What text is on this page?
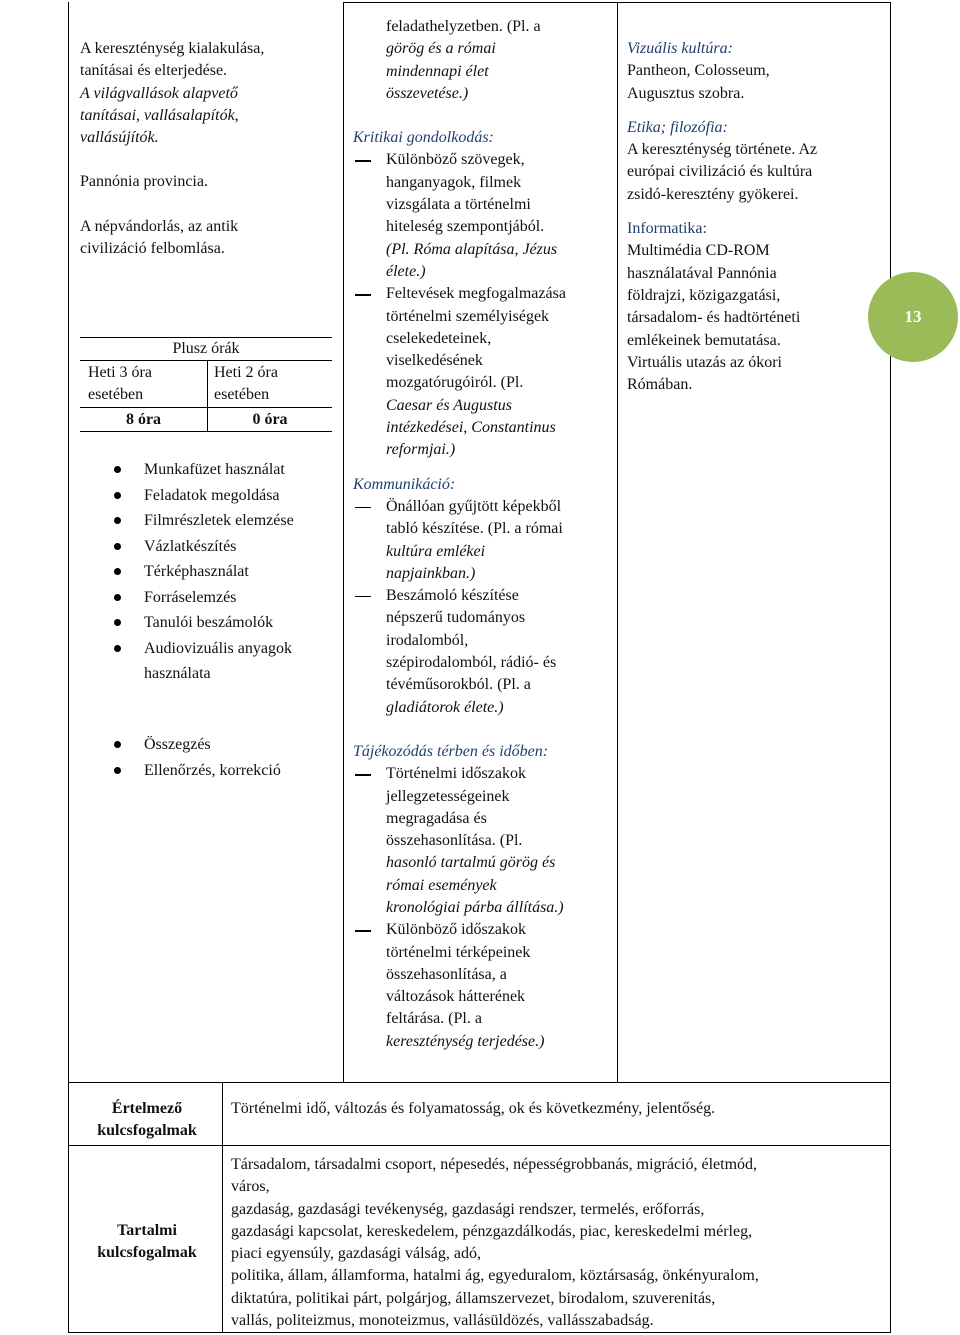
A kereszténység kialakulása,

tanításai és elterjedése.

A világvallások alapvető

tanításai, vallásalapítók,

vallásújítók.

Pannónia provincia.

A népvándorlás, az antik

civilizáció felbomlása.

Plusz órák
Heti 3 óra
esetében
Heti 2 óra
esetében
8 óra	0 óra
Munkafüzet használat
Feladatok megoldása
Filmrészletek elemzése
Vázlatkészítés
Térképhasználat
Forráselemzés
Tanulói beszámolók
Audiovizuális anyagok
használata
Összegzés
Ellenőrzés, korrekció

feladathelyzetben. (Pl. a

görög és a római

mindennapi élet

összevetése.)

Kritikai gondolkodás:

Különböző szövegek,
hanganyagok, filmek
vizsgálata a történelmi
hiteleség szempontjából.
(Pl. Róma alapítása, Jézus
élete.)
Feltevések megfogalmazása
történelmi személyiségek
cselekedeteinek,
viselkedésének
mozgatórugóiról. (Pl.
Caesar és Augustus
intézkedései, Constantinus
reformjai.)

Kommunikáció:

Önállóan gyűjtött képekből
tabló készítése. (Pl. a római
kultúra emlékei
napjainkban.)
Beszámoló készítése
népszerű tudományos
irodalomból,
szépirodalomból, rádió- és
tévéműsorokból. (Pl. a
gladiátorok élete.)

Tájékozódás térben és időben:

Történelmi időszakok
jellegzetességeinek
megragadása és
összehasonlítása. (Pl.
hasonló tartalmú görög és
római események
kronológiai párba állítása.)
Különböző időszakok
történelmi térképeinek
összehasonlítása, a
változások hátterének
feltárása. (Pl. a
kereszténység terjedése.)

Vizuális kultúra:

Pantheon, Colosseum,

Augusztus szobra.

Etika; filozófia:

A kereszténység története. Az

európai civilizáció és kultúra

zsidó-keresztény gyökerei.

Informatika:

Multimédia CD-ROM

használatával Pannónia

földrajzi, közigazgatási,

társadalom- és hadtörténeti

emlékeinek bemutatása.

Virtuális utazás az ókori

Rómában.

13
Értelmező
kulcsfogalmak
Történelmi idő, változás és folyamatosság, ok és következmény, jelentőség.
Tartalmi
kulcsfogalmak
Társadalom, társadalmi csoport, népesedés, népességrobbanás, migráció, életmód,
város,
gazdaság, gazdasági tevékenység, gazdasági rendszer, termelés, erőforrás,
gazdasági kapcsolat, kereskedelem, pénzgazdálkodás, piac, kereskedelmi mérleg,
piaci egyensúly, gazdasági válság, adó,
politika, állam, államforma, hatalmi ág, egyeduralom, köztársaság, önkényuralom,
diktatúra, politikai párt, polgárjog, államszervezet, birodalom, szuverenitás,
vallás, politeizmus, monoteizmus, vallásüldözés, vallásszabadság.
